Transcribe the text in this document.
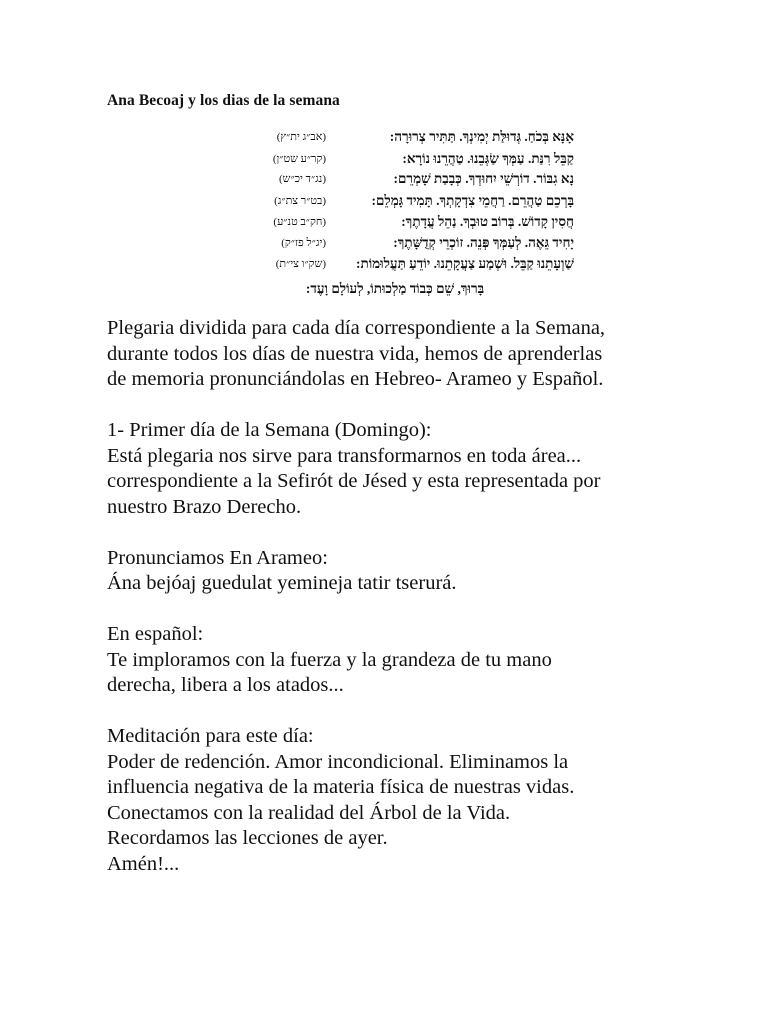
Ana Becoaj y los dias de la semana
(אב״ג ית״ץ)	אָנָּא בְּכֹחַ. גְּדוּלַּת יְמִינְךָ. תַּתִּיר צְרוּרָה:
(קר״ע שט״ן)	קַבֵּל רִנַּת. עַמְּךָ שַׂגְּבֵנוּ. טַהֲרֵנוּ נוֹרָא:
(נג״ד יכ״ש)	נָא גִבּוֹר. דוֹרְשֵׁי יִחוּדְךָ. כְּבָבַת שָׁמְרֵם:
(בט״ר צת״ג)	בָּרְכֵם טַהֲרֵם. רַחֲמֵי צִדְקָתְךָ. תָּמִיד גָּמְלֵם:
(חק״ב טנ״ע)	חֲסִין קָדוֹשׁ. בְּרוֹב טוּבְךָ. נַהֵל עֲדָתֶךָ:
(יג״ל פז״ק)	יָחִיד גֵּאֶה. לְעַמְּךָ פְּנֵה. זוֹכְרֵי קְדֻשָּׁתֶךָ:
(שק״ו צי״ת)	שַׁוְעָתֵנוּ קַבֵּל. וּשְׁמַע צַעֲקָתֵנוּ. יוֹדֵעַ תַּעֲלוּמוֹת:
בָּרוּךְ, שֵׁם כְּבוֹד מַלְכוּתוֹ, לְעוֹלָם וָעֶד:

Plegaria dividida para cada día correspondiente a la Semana,
durante todos los días de nuestra vida, hemos de aprenderlas
de memoria pronunciándolas en Hebreo- Arameo y Español.

1- Primer día de la Semana (Domingo):
Está plegaria nos sirve para transformarnos en toda área...
correspondiente a la Sefirót de Jésed y esta representada por
nuestro Brazo Derecho.

Pronunciamos En Arameo:
Ána bejóaj guedulat yemineja tatir tserurá.

En español:
Te imploramos con la fuerza y la grandeza de tu mano
derecha, libera a los atados...

Meditación para este día:
Poder de redención. Amor incondicional. Eliminamos la
influencia negativa de la materia física de nuestras vidas.
Conectamos con la realidad del Árbol de la Vida.
Recordamos las lecciones de ayer.
Amén!...
